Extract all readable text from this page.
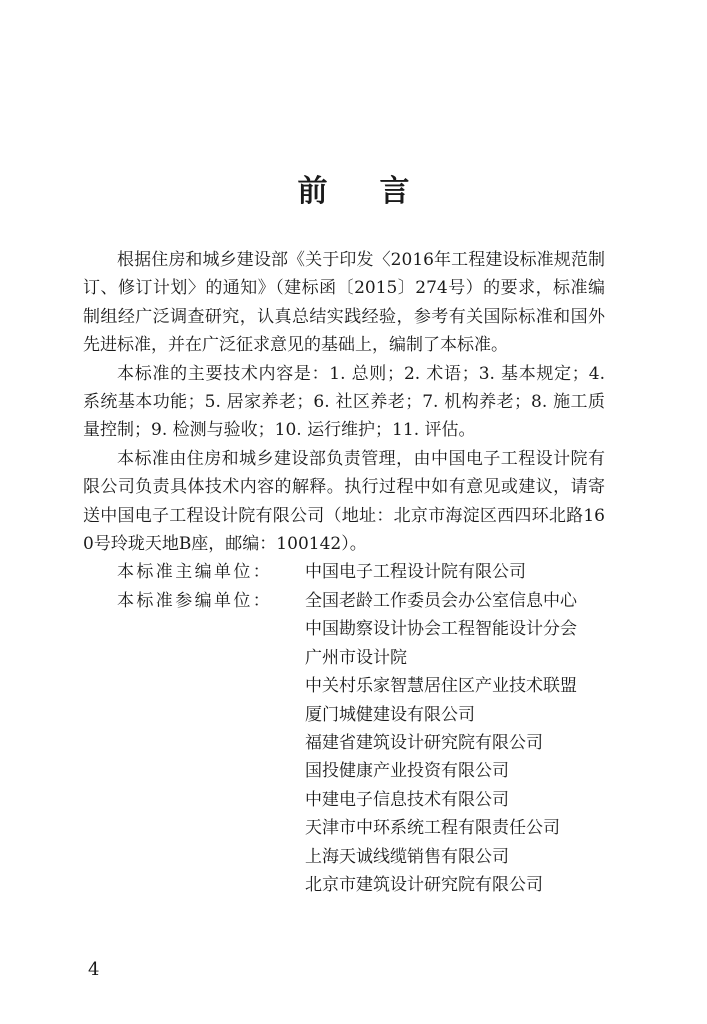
前言

根据住房和城乡建设部《关于印发〈2016年工程建设标准规范制订、修订计划〉的通知》（建标函〔2015〕274号）的要求，标准编制组经广泛调查研究，认真总结实践经验，参考有关国际标准和国外先进标准，并在广泛征求意见的基础上，编制了本标准。

本标准的主要技术内容是：1. 总则；2. 术语；3. 基本规定；4. 系统基本功能；5. 居家养老；6. 社区养老；7. 机构养老；8. 施工质量控制；9. 检测与验收；10. 运行维护；11. 评估。

本标准由住房和城乡建设部负责管理，由中国电子工程设计院有限公司负责具体技术内容的解释。执行过程中如有意见或建议，请寄送中国电子工程设计院有限公司（地址：北京市海淀区西四环北路160号玲珑天地B座，邮编：100142）。

本标准主编单位：	中国电子工程设计院有限公司
本标准参编单位：	全国老龄工作委员会办公室信息中心
中国勘察设计协会工程智能设计分会
广州市设计院
中关村乐家智慧居住区产业技术联盟
厦门城健建设有限公司
福建省建筑设计研究院有限公司
国投健康产业投资有限公司
中建电子信息技术有限公司
天津市中环系统工程有限责任公司
上海天诚线缆销售有限公司
北京市建筑设计研究院有限公司
4
